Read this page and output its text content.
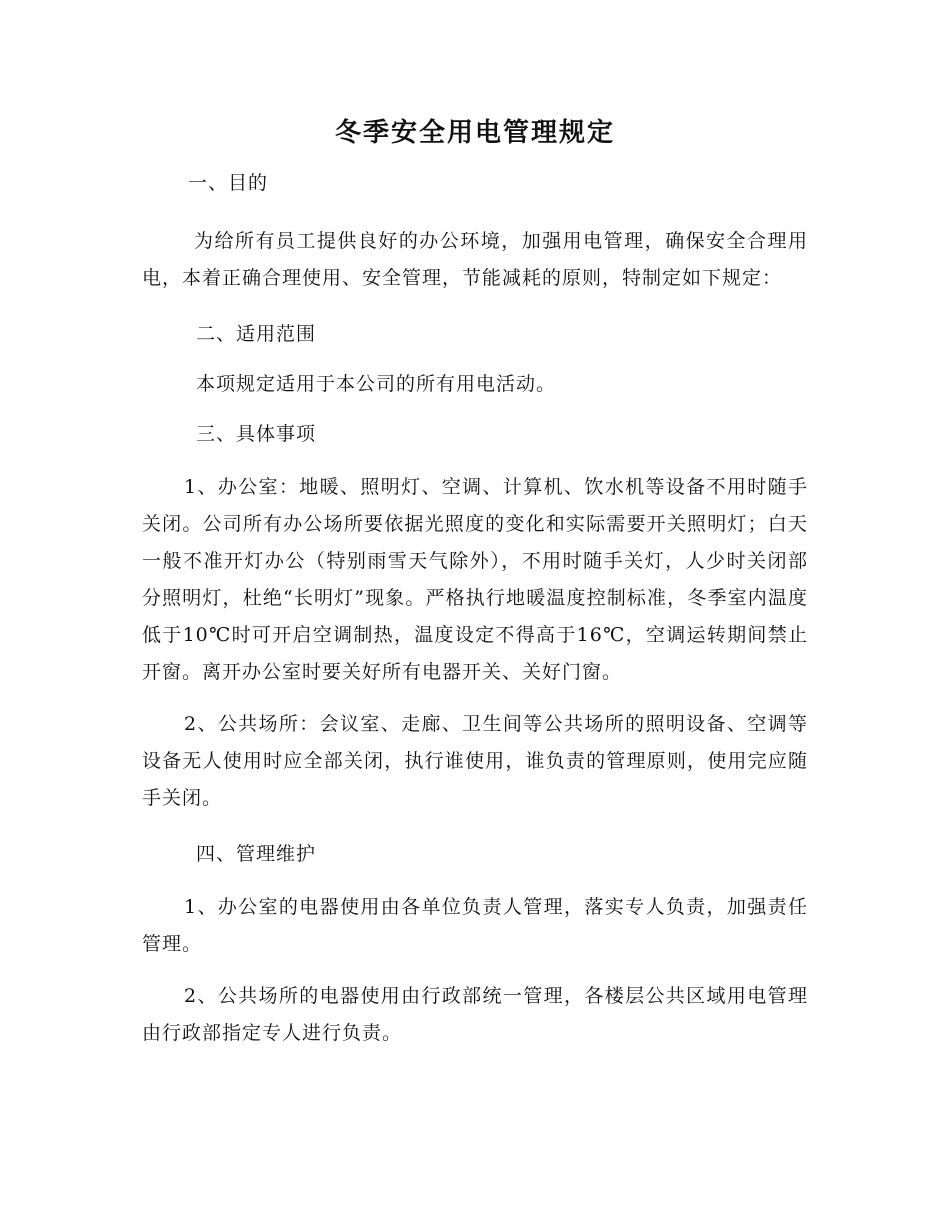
冬季安全用电管理规定

一、目的

为给所有员工提供良好的办公环境，加强用电管理，确保安全合理用电，本着正确合理使用、安全管理，节能减耗的原则，特制定如下规定：

二、适用范围

本项规定适用于本公司的所有用电活动。

三、具体事项

1、办公室：地暖、照明灯、空调、计算机、饮水机等设备不用时随手关闭。公司所有办公场所要依据光照度的变化和实际需要开关照明灯；白天一般不准开灯办公（特别雨雪天气除外），不用时随手关灯，人少时关闭部分照明灯，杜绝“长明灯”现象。严格执行地暖温度控制标准，冬季室内温度低于10℃时可开启空调制热，温度设定不得高于16℃，空调运转期间禁止开窗。离开办公室时要关好所有电器开关、关好门窗。

2、公共场所：会议室、走廊、卫生间等公共场所的照明设备、空调等设备无人使用时应全部关闭，执行谁使用，谁负责的管理原则，使用完应随手关闭。

四、管理维护

1、办公室的电器使用由各单位负责人管理，落实专人负责，加强责任管理。

2、公共场所的电器使用由行政部统一管理，各楼层公共区域用电管理由行政部指定专人进行负责。
